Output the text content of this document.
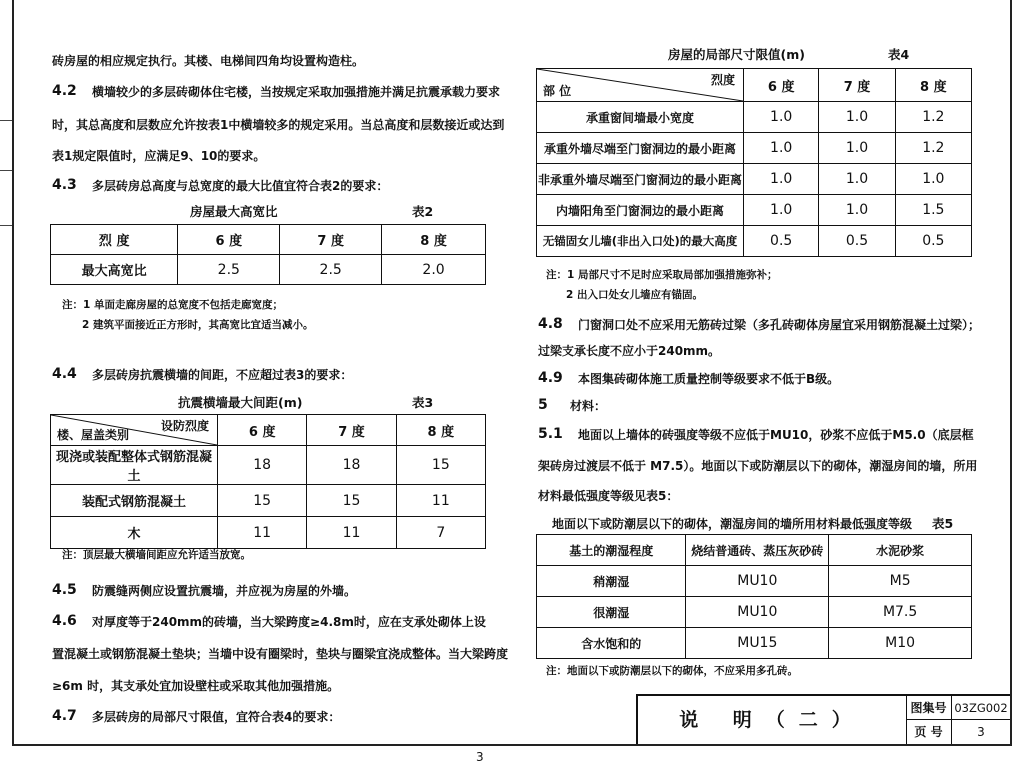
砖房屋的相应规定执行。其楼、电梯间四角均设置构造柱。
4.2 横墙较少的多层砖砌体住宅楼，当按规定采取加强措施并满足抗震承载力要求
时，其总高度和层数应允许按表1中横墙较多的规定采用。当总高度和层数接近或达到
表1规定限值时，应满足9、10的要求。
4.3 多层砖房总高度与总宽度的最大比值宜符合表2的要求：
房屋最大高宽比	表2
烈 度	6 度	7 度	8 度
最大高宽比	2.5	2.5	2.0
注：1 单面走廊房屋的总宽度不包括走廊宽度；
2 建筑平面接近正方形时，其高宽比宜适当减小。
4.4 多层砖房抗震横墙的间距，不应超过表3的要求：
抗震横墙最大间距(m)	表3
设防烈度
楼、屋盖类别	6 度	7 度	8 度
现浇或装配整体式钢筋混凝土	18	18	15
装配式钢筋混凝土	15	15	11
木	11	11	7
注：顶层最大横墙间距应允许适当放宽。
4.5 防震缝两侧应设置抗震墙，并应视为房屋的外墙。
4.6 对厚度等于240mm的砖墙，当大梁跨度≥4.8m时，应在支承处砌体上设
置混凝土或钢筋混凝土垫块；当墙中设有圈梁时，垫块与圈梁宜浇成整体。当大梁跨度
≥6m 时，其支承处宜加设壁柱或采取其他加强措施。
4.7 多层砖房的局部尺寸限值，宜符合表4的要求：
房屋的局部尺寸限值(m)	表4
烈度
部 位	6 度	7 度	8 度
承重窗间墙最小宽度	1.0	1.0	1.2
承重外墙尽端至门窗洞边的最小距离	1.0	1.0	1.2
非承重外墙尽端至门窗洞边的最小距离	1.0	1.0	1.0
内墙阳角至门窗洞边的最小距离	1.0	1.0	1.5
无锚固女儿墙(非出入口处)的最大高度	0.5	0.5	0.5
注：1 局部尺寸不足时应采取局部加强措施弥补；
2 出入口处女儿墙应有锚固。
4.8 门窗洞口处不应采用无筋砖过梁（多孔砖砌体房屋宜采用钢筋混凝土过梁）；
过梁支承长度不应小于240mm。
4.9 本图集砖砌体施工质量控制等级要求不低于B级。
5 材料：
5.1 地面以上墙体的砖强度等级不应低于MU10，砂浆不应低于M5.0（底层框
架砖房过渡层不低于 M7.5）。地面以下或防潮层以下的砌体，潮湿房间的墙，所用
材料最低强度等级见表5：
地面以下或防潮层以下的砌体，潮湿房间的墙所用材料最低强度等级 表5
基土的潮湿程度	烧结普通砖、蒸压灰砂砖	水泥砂浆
稍潮湿	MU10	M5
很潮湿	MU10	M7.5
含水饱和的	MU15	M10
注：地面以下或防潮层以下的砌体，不应采用多孔砖。
说 明（二）
图集号 03ZG002
页 号	3
3
